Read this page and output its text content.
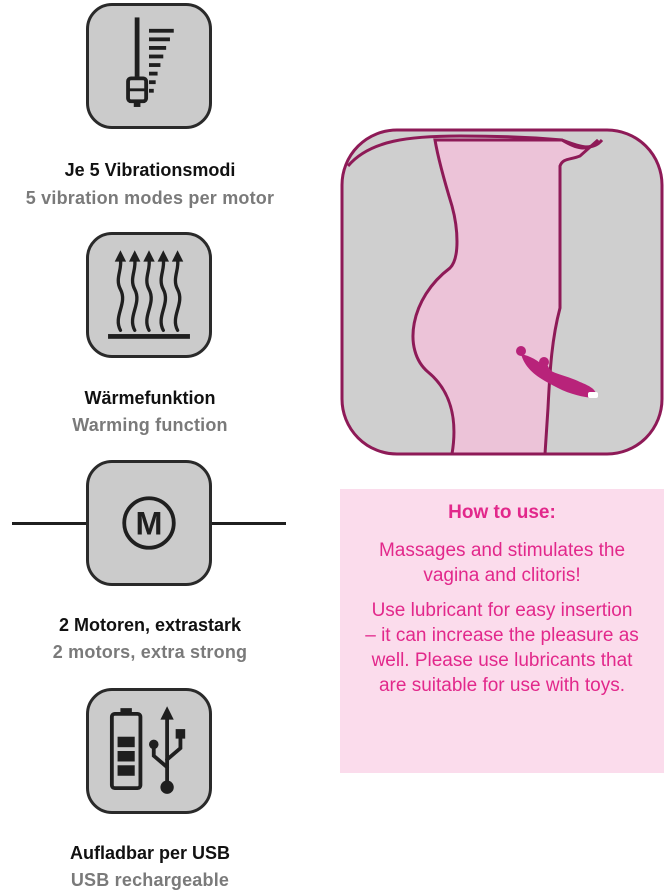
Je 5 Vibrationsmodi
5 vibration modes per motor
Wärmefunktion
Warming function
M
2 Motoren, extrastark
2 motors, extra strong
Aufladbar per USB
USB rechargeable
How to use:
Massages and stimulates the vagina and clitoris!
Use lubricant for easy insertion – it can increase the pleasure as well. Please use lubricants that are suitable for use with toys.
